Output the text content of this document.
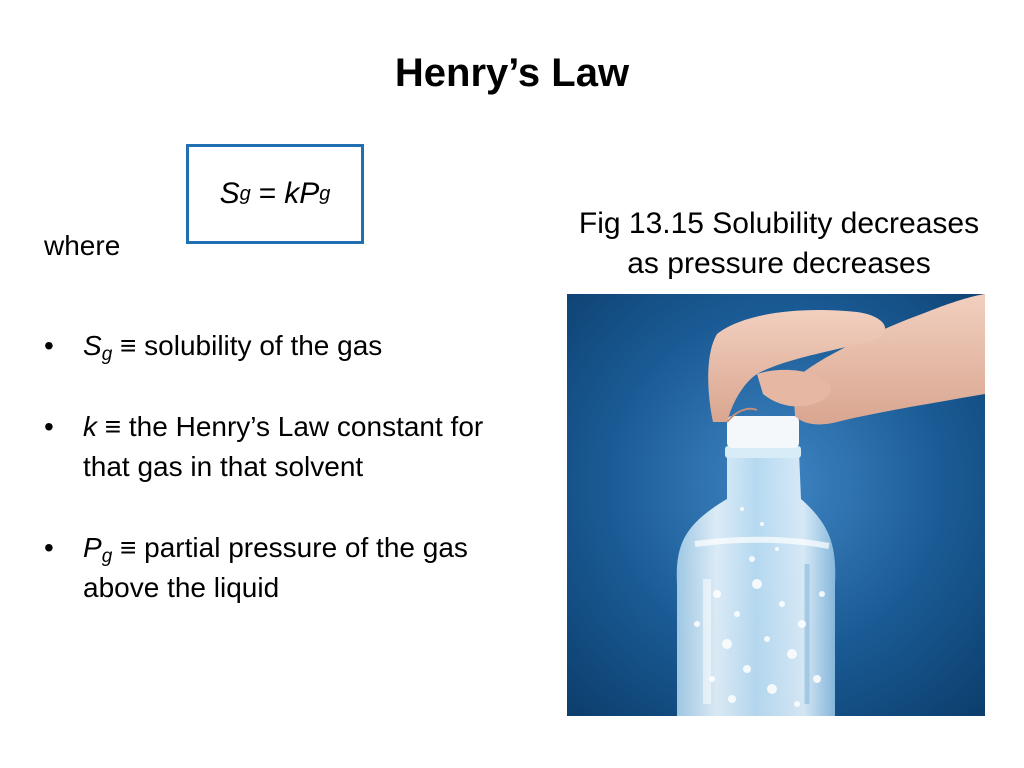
Henry’s Law
S g = kP g
where
• $S_g$ ≡ solubility of the gas
• k ≡ the Henry’s Law constant for that gas in that solvent
• $P_g$ ≡ partial pressure of the gas above the liquid
Fig 13.15 Solubility decreases
as pressure decreases
